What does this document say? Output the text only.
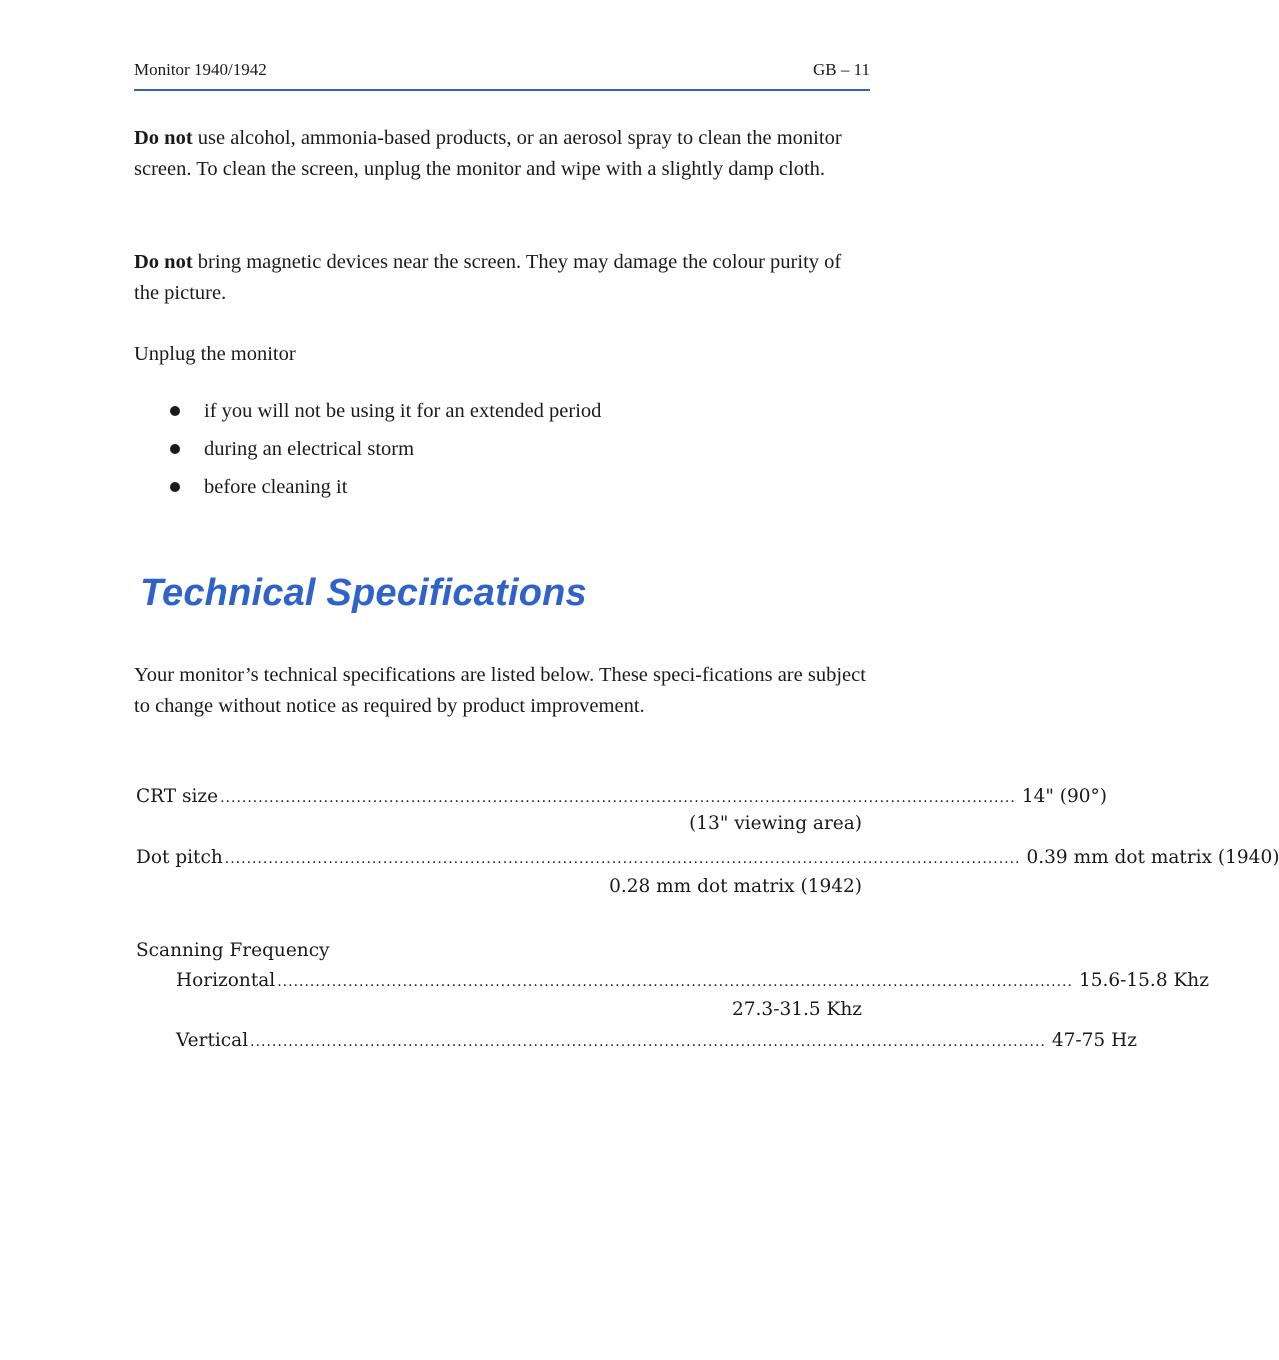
Monitor 1940/1942	GB – 11

Do not use alcohol, ammonia-based products, or an aerosol spray to clean the monitor screen. To clean the screen, unplug the monitor and wipe with a slightly damp cloth.

Do not bring magnetic devices near the screen. They may damage the colour purity of the picture.

Unplug the monitor

if you will not be using it for an extended period
during an electrical storm
before cleaning it
Technical Specifications

Your monitor’s technical specifications are listed below. These speci-fications are subject to change without notice as required by product improvement.

CRT size .................................................................................................................................................. 14" (90°)
(13" viewing area)
Dot pitch .................................................................................................................................................. 0.39 mm dot matrix (1940)
0.28 mm dot matrix (1942)
Scanning Frequency
Horizontal .................................................................................................................................................. 15.6-15.8 Khz
27.3-31.5 Khz
Vertical .................................................................................................................................................. 47-75 Hz
